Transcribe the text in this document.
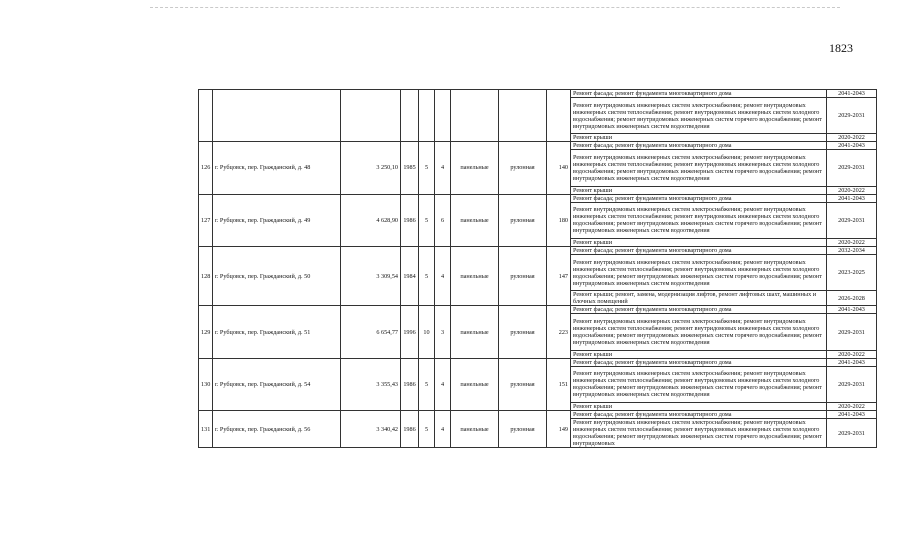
1823
									Ремонт фасада; ремонт фундамента многоквартирного дома	2041-2043
									Ремонт внутридомовых инженерных систем электроснабжения; ремонт внутридомовых инженерных систем теплоснабжения; ремонт внутридомовых инженерных систем холодного водоснабжения; ремонт внутридомовых инженерных систем горячего водоснабжения; ремонт внутридомовых инженерных систем водоотведения	2029-2031
									Ремонт крыши	2020-2022
126	г. Рубцовск, пер. Гражданский, д. 48	3 250,10	1985	5	4	панельные	рулонная	140	Ремонт фасада; ремонт фундамента многоквартирного дома	2041-2043
									Ремонт внутридомовых инженерных систем электроснабжения; ремонт внутридомовых инженерных систем теплоснабжения; ремонт внутридомовых инженерных систем холодного водоснабжения; ремонт внутридомовых инженерных систем горячего водоснабжения; ремонт внутридомовых инженерных систем водоотведения	2029-2031
									Ремонт крыши	2020-2022
127	г. Рубцовск, пер. Гражданский, д. 49	4 628,90	1986	5	6	панельные	рулонная	180	Ремонт фасада; ремонт фундамента многоквартирного дома	2041-2043
									Ремонт внутридомовых инженерных систем электроснабжения; ремонт внутридомовых инженерных систем теплоснабжения; ремонт внутридомовых инженерных систем холодного водоснабжения; ремонт внутридомовых инженерных систем горячего водоснабжения; ремонт внутридомовых инженерных систем водоотведения	2029-2031
									Ремонт крыши	2020-2022
128	г. Рубцовск, пер. Гражданский, д. 50	3 309,54	1984	5	4	панельные	рулонная	147	Ремонт фасада; ремонт фундамента многоквартирного дома	2032-2034
									Ремонт внутридомовых инженерных систем электроснабжения; ремонт внутридомовых инженерных систем теплоснабжения; ремонт внутридомовых инженерных систем холодного водоснабжения; ремонт внутридомовых инженерных систем горячего водоснабжения; ремонт внутридомовых инженерных систем водоотведения	2023-2025
									Ремонт крыши; ремонт, замена, модернизация лифтов, ремонт лифтовых шахт, машинных и блочных помещений	2026-2028
129	г. Рубцовск, пер. Гражданский, д. 51	6 654,77	1996	10	3	панельные	рулонная	223	Ремонт фасада; ремонт фундамента многоквартирного дома	2041-2043
									Ремонт внутридомовых инженерных систем электроснабжения; ремонт внутридомовых инженерных систем теплоснабжения; ремонт внутридомовых инженерных систем холодного водоснабжения; ремонт внутридомовых инженерных систем горячего водоснабжения; ремонт внутридомовых инженерных систем водоотведения	2029-2031
									Ремонт крыши	2020-2022
130	г. Рубцовск, пер. Гражданский, д. 54	3 355,43	1986	5	4	панельные	рулонная	151	Ремонт фасада; ремонт фундамента многоквартирного дома	2041-2043
									Ремонт внутридомовых инженерных систем электроснабжения; ремонт внутридомовых инженерных систем теплоснабжения; ремонт внутридомовых инженерных систем холодного водоснабжения; ремонт внутридомовых инженерных систем горячего водоснабжения; ремонт внутридомовых инженерных систем водоотведения	2029-2031
									Ремонт крыши	2020-2022
131	г. Рубцовск, пер. Гражданский, д. 56	3 340,42	1986	5	4	панельные	рулонная	149	Ремонт фасада; ремонт фундамента многоквартирного дома	2041-2043
									Ремонт внутридомовых инженерных систем электроснабжения; ремонт внутридомовых инженерных систем теплоснабжения; ремонт внутридомовых инженерных систем холодного водоснабжения; ремонт внутридомовых инженерных систем горячего водоснабжения; ремонт внутридомовых	2029-2031
